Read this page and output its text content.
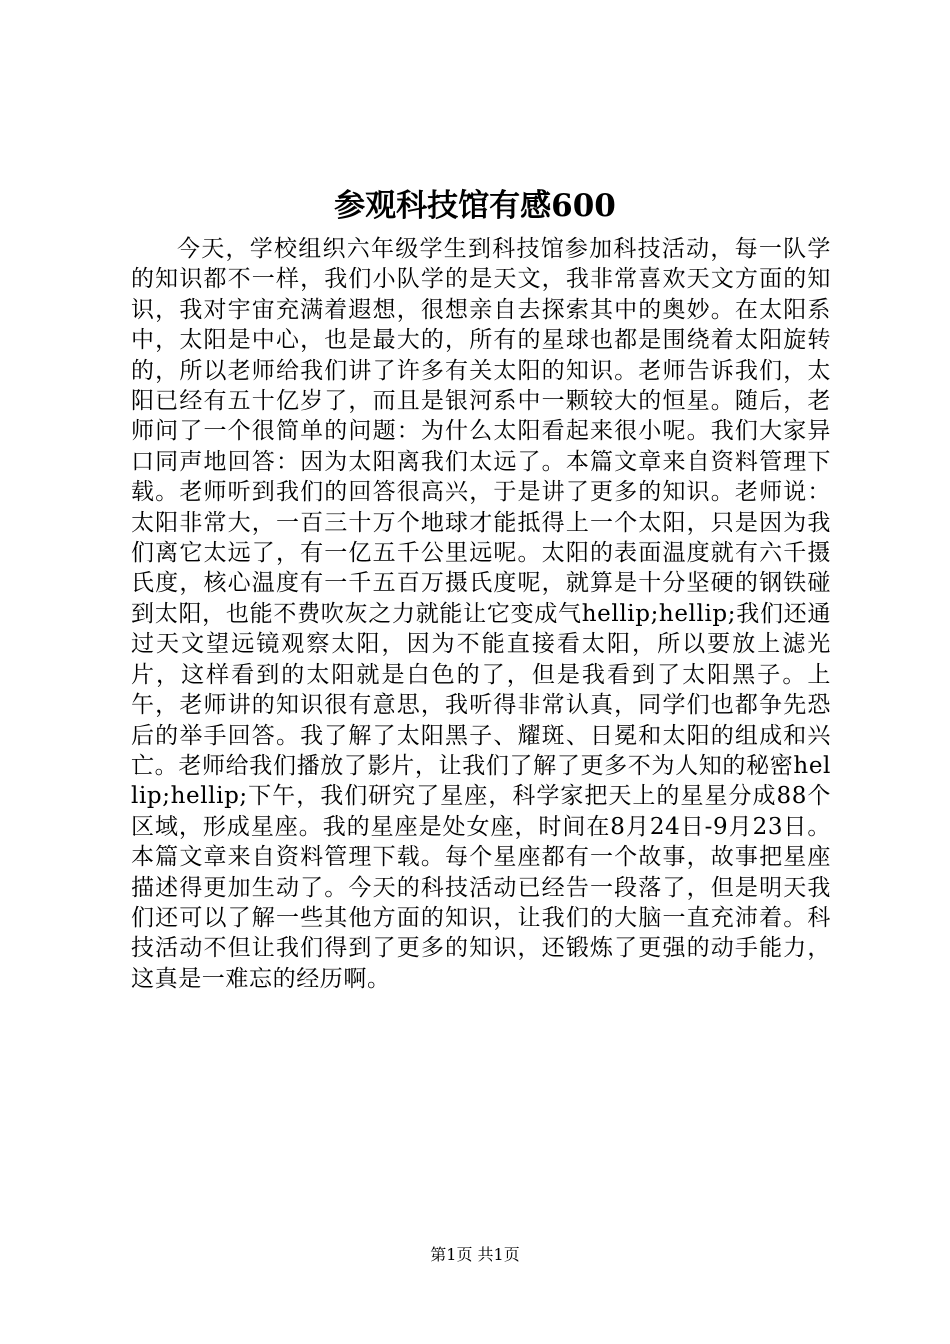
参观科技馆有感600

今天，学校组织六年级学生到科技馆参加科技活动，每一队学的知识都不一样，我们小队学的是天文，我非常喜欢天文方面的知识，我对宇宙充满着遐想，很想亲自去探索其中的奥妙。在太阳系中，太阳是中心，也是最大的，所有的星球也都是围绕着太阳旋转的，所以老师给我们讲了许多有关太阳的知识。老师告诉我们，太阳已经有五十亿岁了，而且是银河系中一颗较大的恒星。随后，老师问了一个很简单的问题：为什么太阳看起来很小呢。我们大家异口同声地回答：因为太阳离我们太远了。本篇文章来自资料管理下载。老师听到我们的回答很高兴，于是讲了更多的知识。老师说：太阳非常大，一百三十万个地球才能抵得上一个太阳，只是因为我们离它太远了，有一亿五千公里远呢。太阳的表面温度就有六千摄氏度，核心温度有一千五百万摄氏度呢，就算是十分坚硬的钢铁碰到太阳，也能不费吹灰之力就能让它变成气hellip;hellip;我们还通过天文望远镜观察太阳，因为不能直接看太阳，所以要放上滤光片，这样看到的太阳就是白色的了，但是我看到了太阳黑子。上午，老师讲的知识很有意思，我听得非常认真，同学们也都争先恐后的举手回答。我了解了太阳黑子、耀斑、日冕和太阳的组成和兴亡。老师给我们播放了影片，让我们了解了更多不为人知的秘密hellip;hellip;下午，我们研究了星座，科学家把天上的星星分成88个区域，形成星座。我的星座是处女座，时间在8月24日-9月23日。本篇文章来自资料管理下载。每个星座都有一个故事，故事把星座描述得更加生动了。今天的科技活动已经告一段落了，但是明天我们还可以了解一些其他方面的知识，让我们的大脑一直充沛着。科技活动不但让我们得到了更多的知识，还锻炼了更强的动手能力，这真是一难忘的经历啊。

第1页 共1页
